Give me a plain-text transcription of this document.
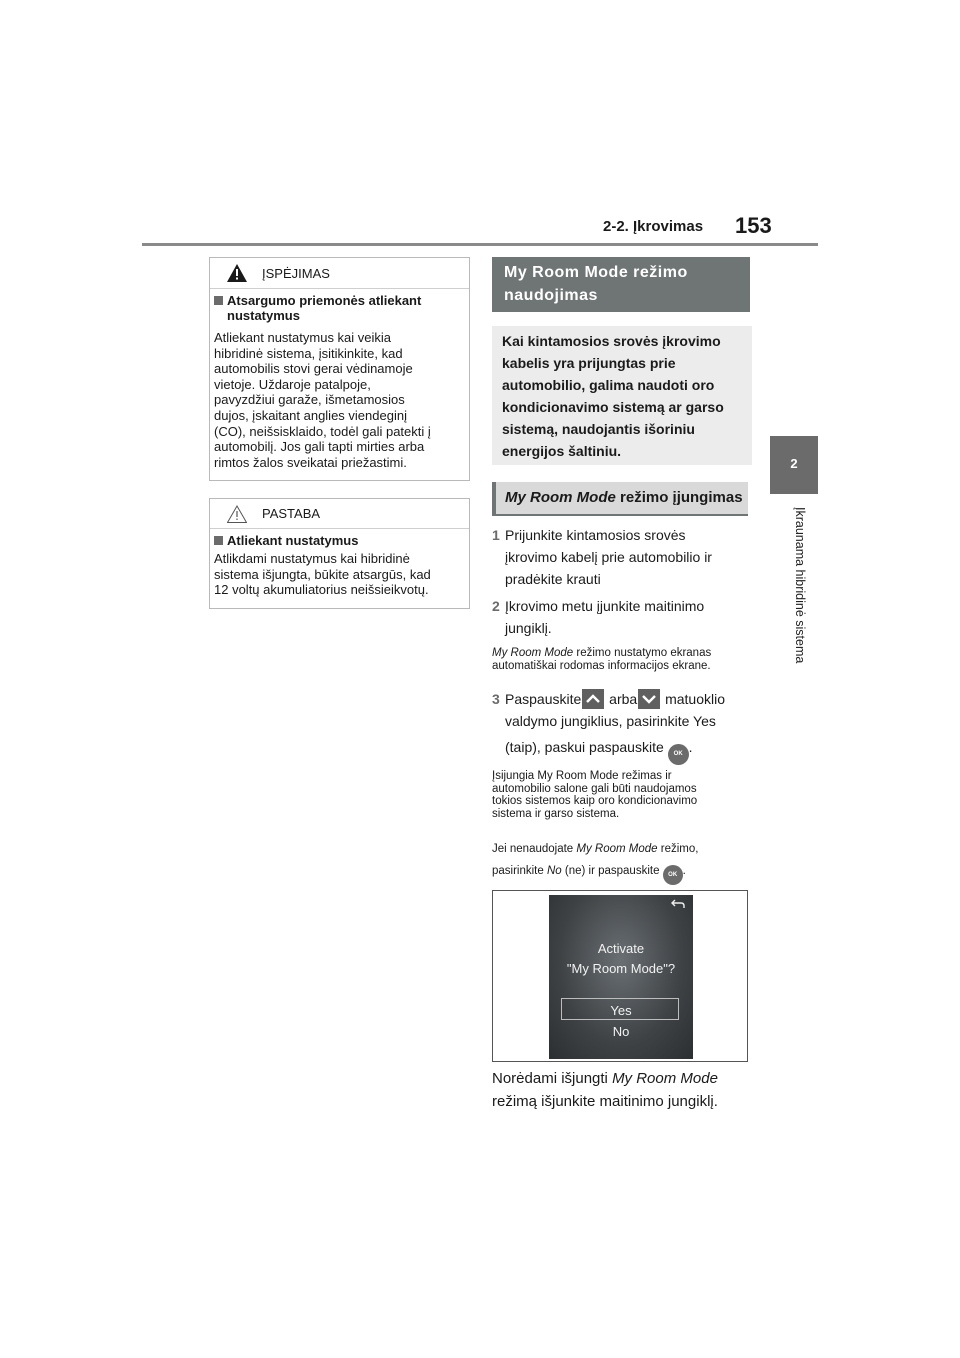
2-2. Įkrovimas 153
2
Įkraunama hibridinė sistema
ĮSPĖJIMAS
Atsargumo priemonės atliekant
nustatymus
Atliekant nustatymus kai veikia
hibridinė sistema, įsitikinkite, kad
automobilis stovi gerai vėdinamoje
vietoje. Uždaroje patalpoje,
pavyzdžiui garaže, išmetamosios
dujos, įskaitant anglies viendeginį
(CO), neišsisklaido, todėl gali patekti į
automobilį. Jos gali tapti mirties arba
rimtos žalos sveikatai priežastimi.
PASTABA
Atliekant nustatymus
Atlikdami nustatymus kai hibridinė
sistema išjungta, būkite atsargūs, kad
12 voltų akumuliatorius neišsieikvotų.
My Room Mode režimo
naudojimas
Kai kintamosios srovės įkrovimo
kabelis yra prijungtas prie
automobilio, galima naudoti oro
kondicionavimo sistemą ar garso
sistemą, naudojantis išoriniu
energijos šaltiniu.
My Room Mode režimo įjungimas
1 Prijunkite kintamosios srovės
įkrovimo kabelį prie automobilio ir
pradėkite krauti
2 Įkrovimo metu įjunkite maitinimo
jungiklį.
My Room Mode režimo nustatymo ekranas
automatiškai rodomas informacijos ekrane.
3 Paspauskite arba matuoklio
valdymo jungiklius, pasirinkite Yes
(taip), paskui paspauskite OK .
Įsijungia My Room Mode režimas ir
automobilio salone gali būti naudojamos
tokios sistemos kaip oro kondicionavimo
sistema ir garso sistema.
Jei nenaudojate My Room Mode režimo,
pasirinkite No (ne) ir paspauskite OK .
Activate
"My Room Mode"?
Yes
No
Norėdami išjungti My Room Mode
režimą išjunkite maitinimo jungiklį.
